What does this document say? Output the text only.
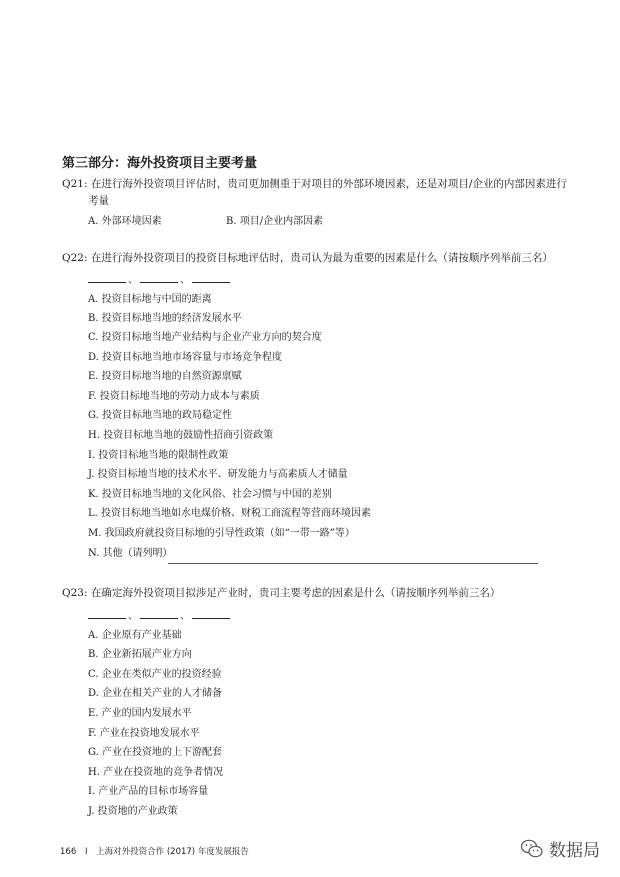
第三部分：海外投资项目主要考量
Q21: 在进行海外投资项目评估时，贵司更加侧重于对项目的外部环境因素，还是对项目/企业的内部因素进行
考量
A. 外部环境因素	B. 项目/企业内部因素
Q22: 在进行海外投资项目的投资目标地评估时，贵司认为最为重要的因素是什么（请按顺序列举前三名）
、	、
A. 投资目标地与中国的距离
B. 投资目标地当地的经济发展水平
C. 投资目标地当地产业结构与企业产业方向的契合度
D. 投资目标地当地市场容量与市场竞争程度
E. 投资目标地当地的自然资源禀赋
F. 投资目标地当地的劳动力成本与素质
G. 投资目标地当地的政局稳定性
H. 投资目标地当地的鼓励性招商引资政策
I. 投资目标地当地的限制性政策
J. 投资目标地当地的技术水平、研发能力与高素质人才储量
K. 投资目标地当地的文化风俗、社会习惯与中国的差别
L. 投资目标地当地如水电煤价格、财税工商流程等营商环境因素
M. 我国政府就投资目标地的引导性政策（如“一带一路”等）
N. 其他（请列明）
Q23: 在确定海外投资项目拟涉足产业时，贵司主要考虑的因素是什么（请按顺序列举前三名）
、	、
A. 企业原有产业基础
B. 企业新拓展产业方向
C. 企业在类似产业的投资经验
D. 企业在相关产业的人才储备
E. 产业的国内发展水平
F. 产业在投资地发展水平
G. 产业在投资地的上下游配套
H. 产业在投资地的竞争者情况
I. 产业产品的目标市场容量
J. 投资地的产业政策
166 I 上海对外投资合作 (2017) 年度发展报告	数据局
